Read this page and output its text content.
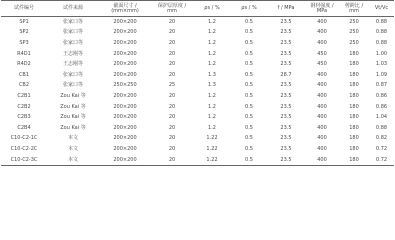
试件编号	试件来源	截面尺寸 / (mm×mm)	保护层厚度 / mm	ρs / %	ρs / %	f / MPa	钢材强度 / MPa	剪跨比 / mm	Vt/Vc
SP1	张家口等	200×200	20	1.2	0.5	23.5	400	250	0.88
SP2	张家口等	200×200	20	1.2	0.5	23.5	400	250	0.88
SP3	张家口等	200×200	20	1.2	0.5	23.5	400	250	0.88
R4D1	王志刚等	200×200	20	1.2	0.5	23.5	450	180	1.00
R4D2	王志刚等	200×200	20	1.2	0.5	23.5	450	180	1.03
CB1	张家口等	200×200	20	1.3	0.5	28.7	400	180	1.09
CB2	张家口等	250×250	25	1.3	0.5	23.5	400	180	0.87
C2B1	Zou Kai 等	200×200	20	1.2	0.5	23.5	400	180	0.86
C2B2	Zou Kai 等	200×200	20	1.2	0.5	23.5	400	180	0.86
C2B3	Zou Kai 等	200×200	20	1.2	0.5	23.5	400	180	1.04
C2B4	Zou Kai 等	200×200	20	1.2	0.5	23.5	400	180	0.88
C10-C2-1C	本文	200×200	20	1.22	0.5	23.5	400	180	0.82
C10-C2-2C	本文	200×200	20	1.22	0.5	23.5	400	180	0.72
C10-C2-3C	本文	200×200	20	1.22	0.5	23.5	400	180	0.72
